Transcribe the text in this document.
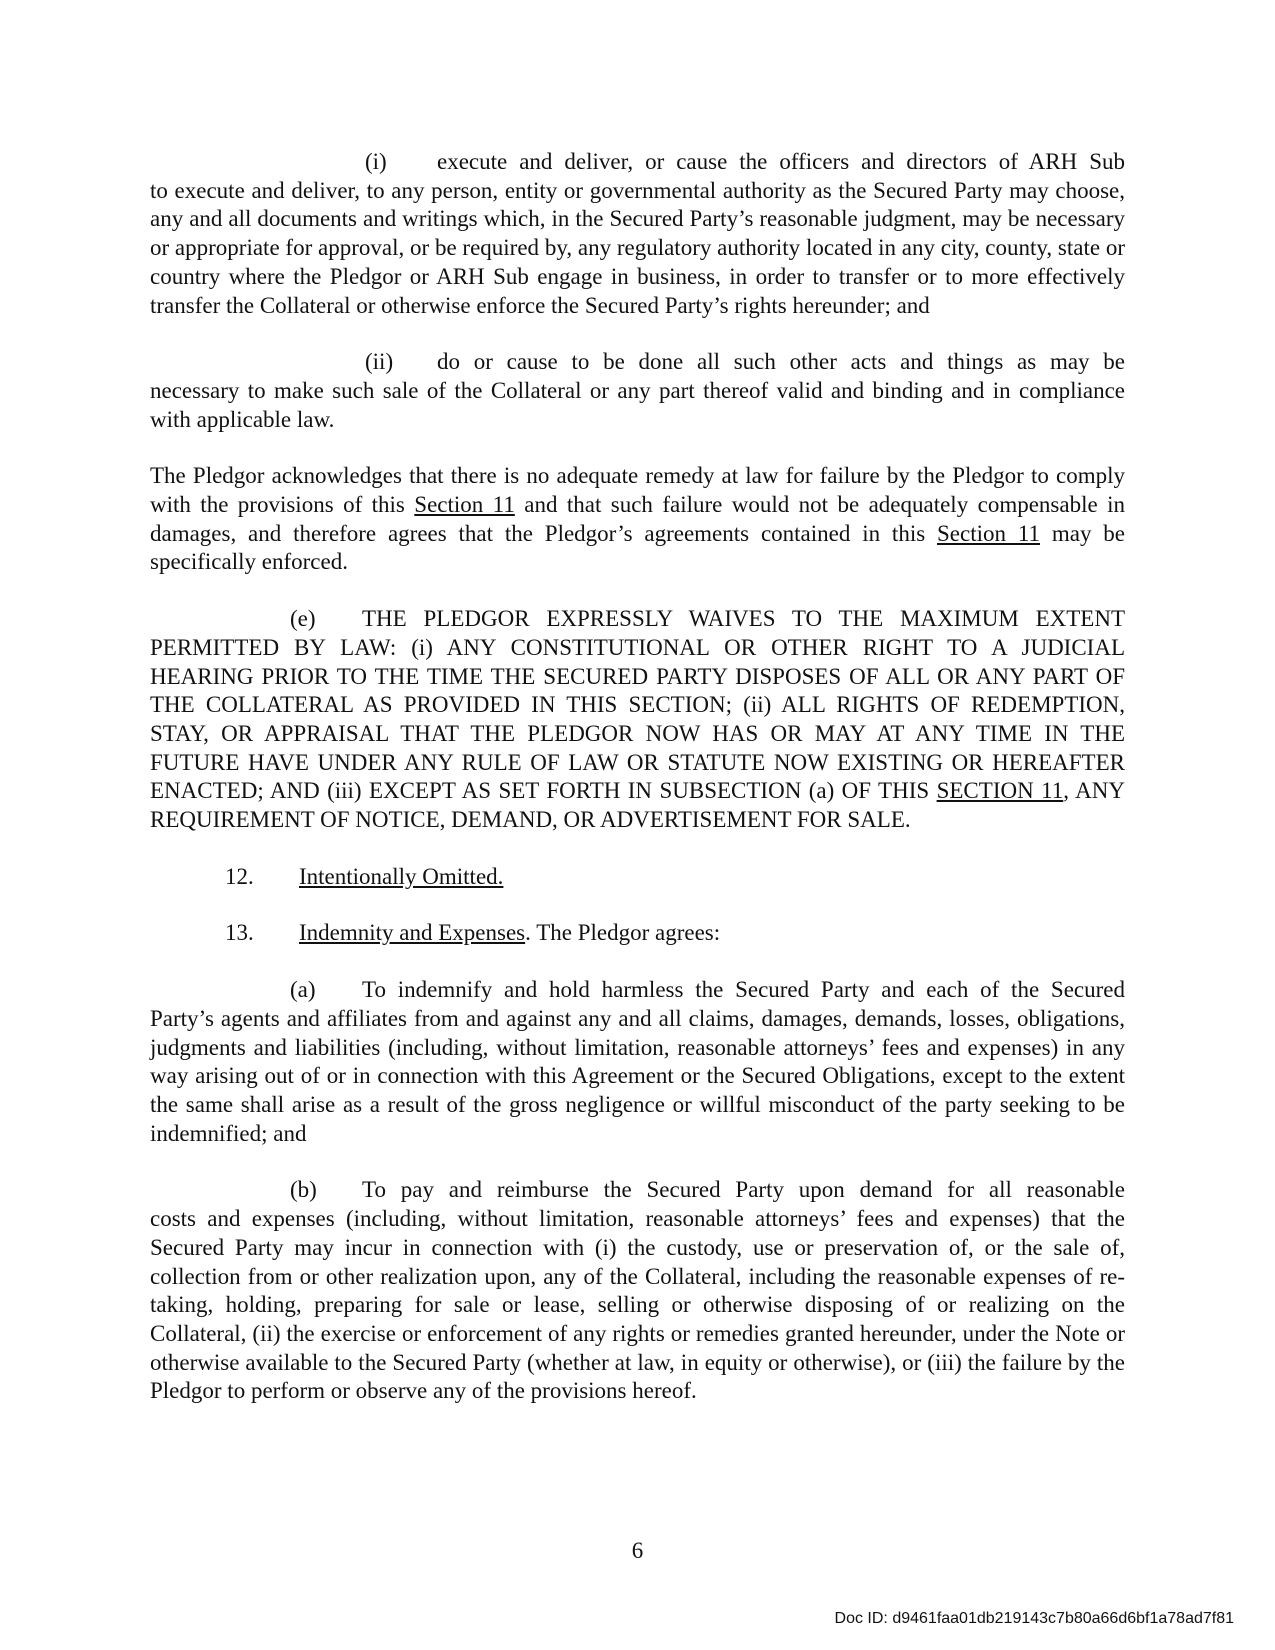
(i) execute and deliver, or cause the officers and directors of ARH Sub
to execute and deliver, to any person, entity or governmental authority as the Secured Party may choose, any and all documents and writings which, in the Secured Party’s reasonable judgment, may be necessary or appropriate for approval, or be required by, any regulatory authority located in any city, county, state or country where the Pledgor or ARH Sub engage in business, in order to transfer or to more effectively transfer the Collateral or otherwise enforce the Secured Party’s rights hereunder; and

(ii) do or cause to be done all such other acts and things as may be
necessary to make such sale of the Collateral or any part thereof valid and binding and in compliance with applicable law.

The Pledgor acknowledges that there is no adequate remedy at law for failure by the Pledgor to comply with the provisions of this Section 11 and that such failure would not be adequately compensable in damages, and therefore agrees that the Pledgor’s agreements contained in this Section 11 may be specifically enforced.

(e) THE PLEDGOR EXPRESSLY WAIVES TO THE MAXIMUM EXTENT
PERMITTED BY LAW: (i) ANY CONSTITUTIONAL OR OTHER RIGHT TO A JUDICIAL HEARING PRIOR TO THE TIME THE SECURED PARTY DISPOSES OF ALL OR ANY PART OF THE COLLATERAL AS PROVIDED IN THIS SECTION; (ii) ALL RIGHTS OF REDEMPTION, STAY, OR APPRAISAL THAT THE PLEDGOR NOW HAS OR MAY AT ANY TIME IN THE FUTURE HAVE UNDER ANY RULE OF LAW OR STATUTE NOW EXISTING OR HEREAFTER ENACTED; AND (iii) EXCEPT AS SET FORTH IN SUBSECTION (a) OF THIS SECTION 11, ANY REQUIREMENT OF NOTICE, DEMAND, OR ADVERTISEMENT FOR SALE.

12. Intentionally Omitted.

13. Indemnity and Expenses. The Pledgor agrees:

(a) To indemnify and hold harmless the Secured Party and each of the Secured
Party’s agents and affiliates from and against any and all claims, damages, demands, losses, obligations, judgments and liabilities (including, without limitation, reasonable attorneys’ fees and expenses) in any way arising out of or in connection with this Agreement or the Secured Obligations, except to the extent the same shall arise as a result of the gross negligence or willful misconduct of the party seeking to be indemnified; and

(b) To pay and reimburse the Secured Party upon demand for all reasonable
costs and expenses (including, without limitation, reasonable attorneys’ fees and expenses) that the Secured Party may incur in connection with (i) the custody, use or preservation of, or the sale of, collection from or other realization upon, any of the Collateral, including the reasonable expenses of re-taking, holding, preparing for sale or lease, selling or otherwise disposing of or realizing on the Collateral, (ii) the exercise or enforcement of any rights or remedies granted hereunder, under the Note or otherwise available to the Secured Party (whether at law, in equity or otherwise), or (iii) the failure by the Pledgor to perform or observe any of the provisions hereof.

6
Doc ID: d9461faa01db219143c7b80a66d6bf1a78ad7f81
